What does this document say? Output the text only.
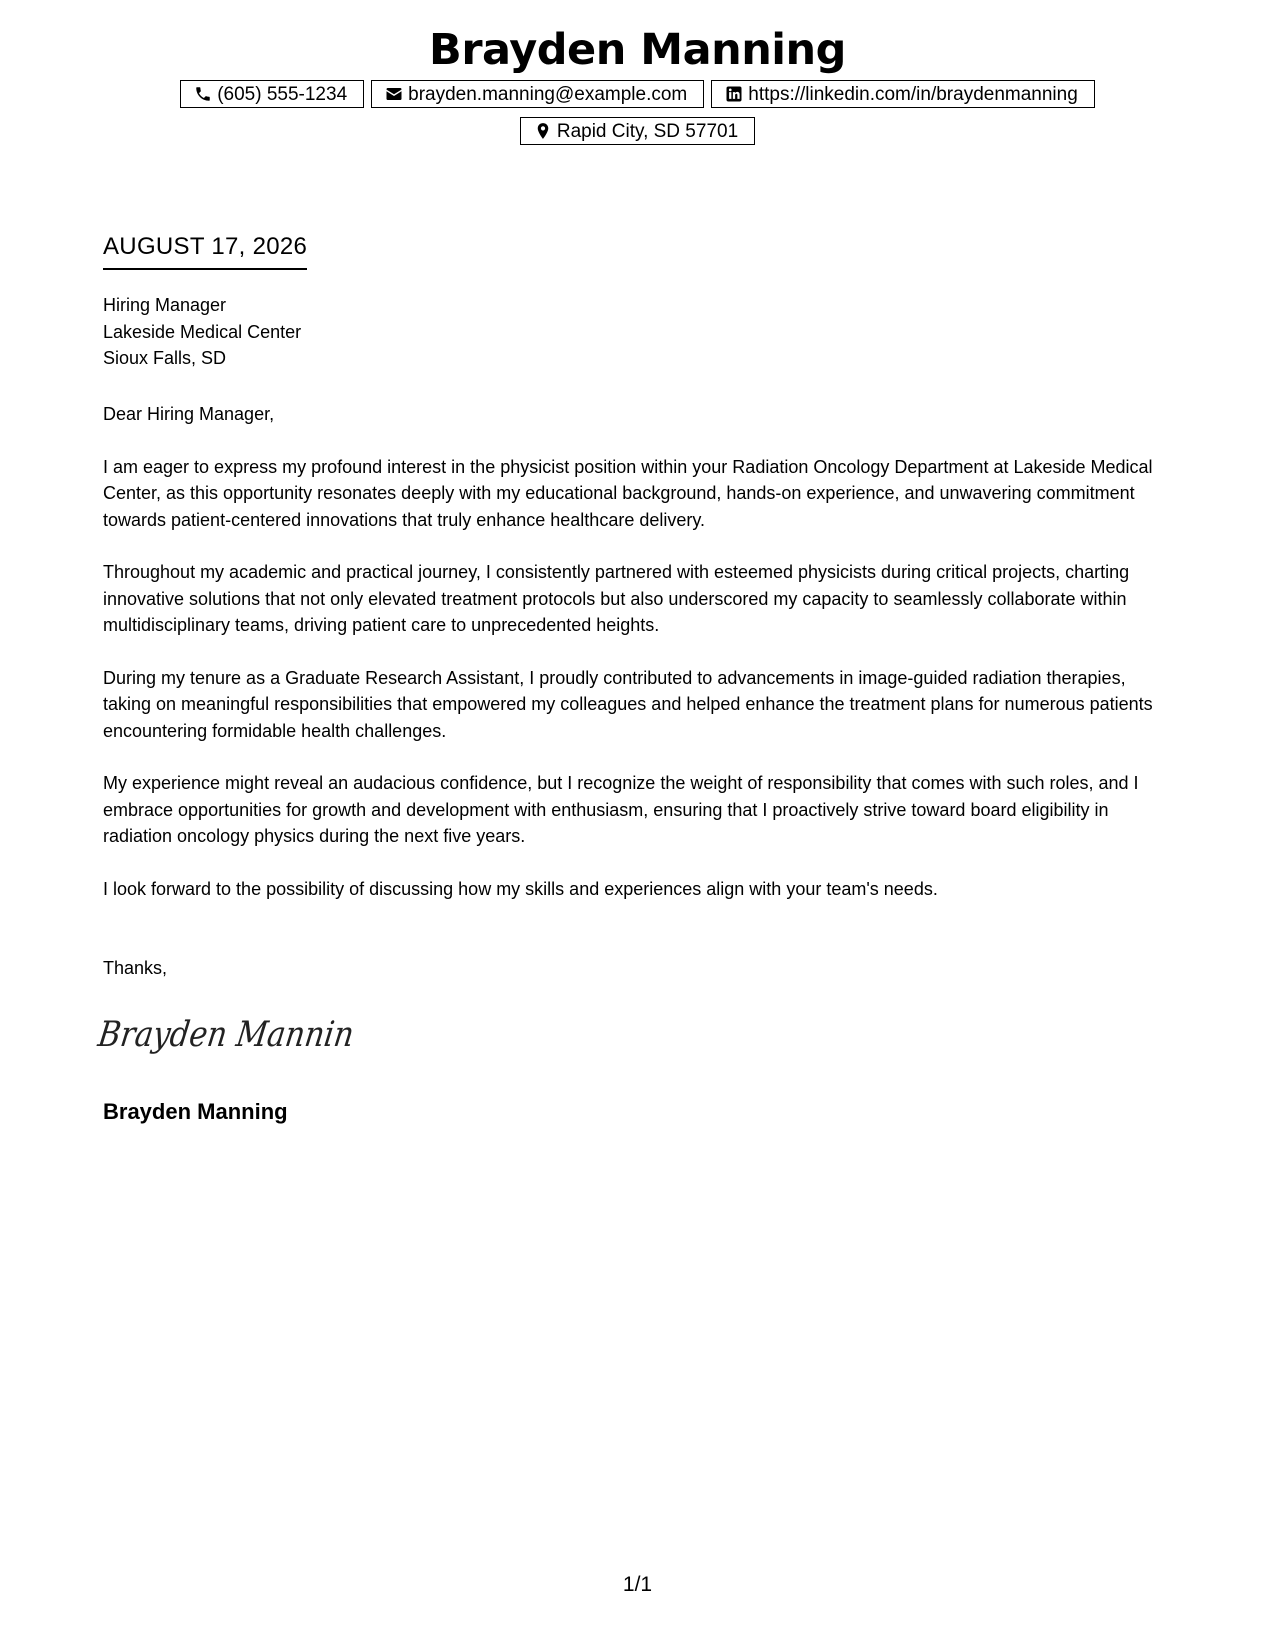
Brayden Manning
(605) 555-1234	brayden.manning@example.com	https://linkedin.com/in/braydenmanning
Rapid City, SD 57701
AUGUST 17, 2026
Hiring Manager
Lakeside Medical Center
Sioux Falls, SD

Dear Hiring Manager,

I am eager to express my profound interest in the physicist position within your Radiation Oncology Department at Lakeside Medical Center, as this opportunity resonates deeply with my educational background, hands-on experience, and unwavering commitment towards patient-centered innovations that truly enhance healthcare delivery.

Throughout my academic and practical journey, I consistently partnered with esteemed physicists during critical projects, charting innovative solutions that not only elevated treatment protocols but also underscored my capacity to seamlessly collaborate within multidisciplinary teams, driving patient care to unprecedented heights.

During my tenure as a Graduate Research Assistant, I proudly contributed to advancements in image-guided radiation therapies, taking on meaningful responsibilities that empowered my colleagues and helped enhance the treatment plans for numerous patients encountering formidable health challenges.

My experience might reveal an audacious confidence, but I recognize the weight of responsibility that comes with such roles, and I embrace opportunities for growth and development with enthusiasm, ensuring that I proactively strive toward board eligibility in radiation oncology physics during the next five years.

I look forward to the possibility of discussing how my skills and experiences align with your team's needs.

Thanks,
Brayden Mannin
Brayden Manning
1/1
